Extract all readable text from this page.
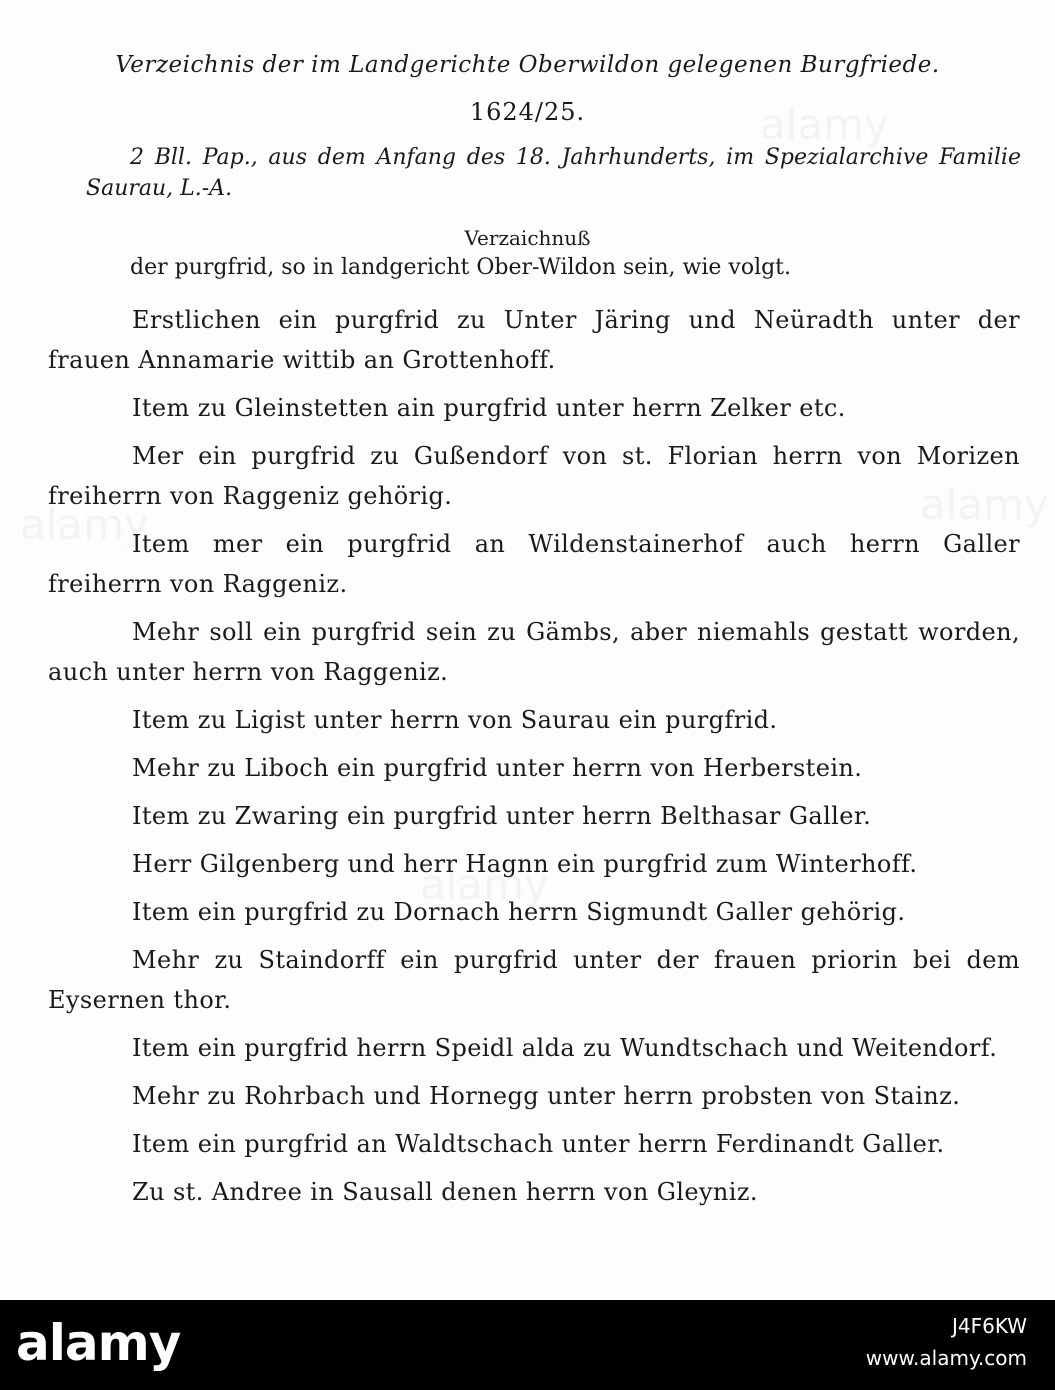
Verzeichnis der im Landgerichte Oberwildon gelegenen Burgfriede.
1624/25.

2 Bll. Pap., aus dem Anfang des 18. Jahrhunderts, im Spezialarchive Familie Saurau, L.-A.

Verzaichnuß
der purgfrid, so in landgericht Ober-Wildon sein, wie volgt.
Erstlichen ein purgfrid zu Unter Järing und Neüradth unter der frauen Annamarie wittib an Grottenhoff.
Item zu Gleinstetten ain purgfrid unter herrn Zelker etc.
Mer ein purgfrid zu Gußendorf von st. Florian herrn von Morizen freiherrn von Raggeniz gehörig.
Item mer ein purgfrid an Wildenstainerhof auch herrn Galler freiherrn von Raggeniz.
Mehr soll ein purgfrid sein zu Gämbs, aber niemahls gestatt worden, auch unter herrn von Raggeniz.
Item zu Ligist unter herrn von Saurau ein purgfrid.
Mehr zu Liboch ein purgfrid unter herrn von Herberstein.
Item zu Zwaring ein purgfrid unter herrn Belthasar Galler.
Herr Gilgenberg und herr Hagnn ein purgfrid zum Winterhoff.
Item ein purgfrid zu Dornach herrn Sigmundt Galler gehörig.
Mehr zu Staindorff ein purgfrid unter der frauen priorin bei dem Eysernen thor.
Item ein purgfrid herrn Speidl alda zu Wundtschach und Weitendorf.
Mehr zu Rohrbach und Hornegg unter herrn probsten von Stainz.
Item ein purgfrid an Waldtschach unter herrn Ferdinandt Galler.
Zu st. Andree in Sausall denen herrn von Gleyniz.
alamy	J4F6KW
www.alamy.com
